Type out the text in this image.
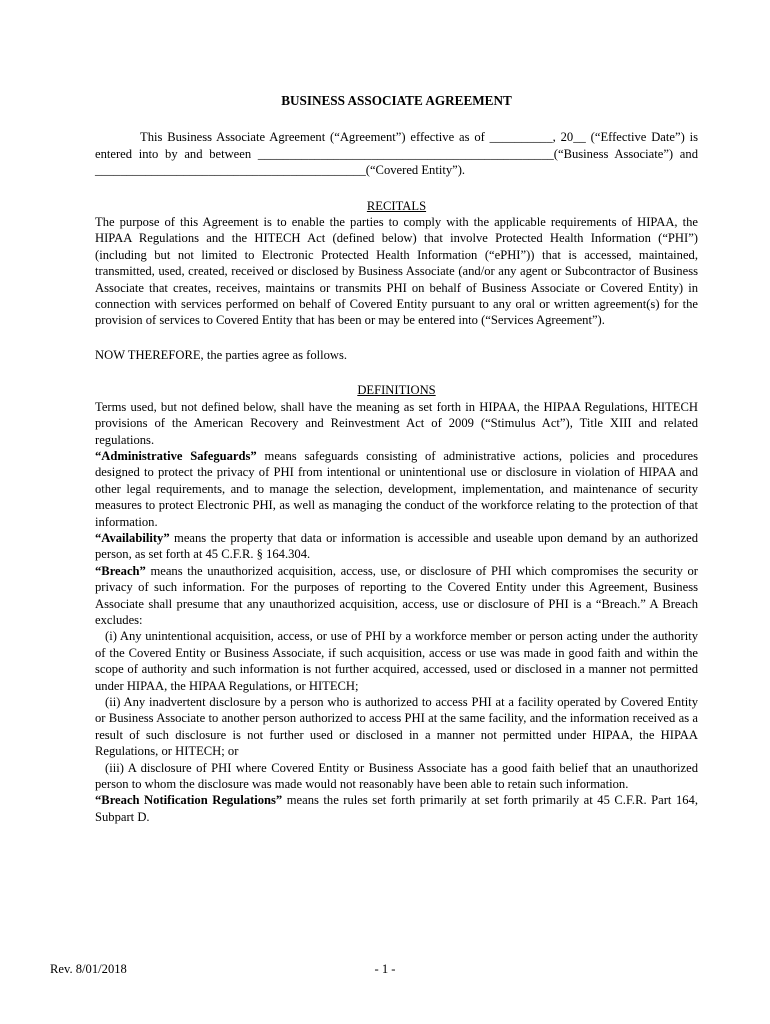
BUSINESS ASSOCIATE AGREEMENT

This Business Associate Agreement (“Agreement”) effective as of __________, 20__ (“Effective Date”) is entered into by and between _______________________________________________(“Business Associate”) and ___________________________________________(“Covered Entity”).

RECITALS

The purpose of this Agreement is to enable the parties to comply with the applicable requirements of HIPAA, the HIPAA Regulations and the HITECH Act (defined below) that involve Protected Health Information (“PHI”) (including but not limited to Electronic Protected Health Information (“ePHI”)) that is accessed, maintained, transmitted, used, created, received or disclosed by Business Associate (and/or any agent or Subcontractor of Business Associate that creates, receives, maintains or transmits PHI on behalf of Business Associate or Covered Entity) in connection with services performed on behalf of Covered Entity pursuant to any oral or written agreement(s) for the provision of services to Covered Entity that has been or may be entered into (“Services Agreement”).

NOW THEREFORE, the parties agree as follows.

DEFINITIONS

Terms used, but not defined below, shall have the meaning as set forth in HIPAA, the HIPAA Regulations, HITECH provisions of the American Recovery and Reinvestment Act of 2009 (“Stimulus Act”), Title XIII and related regulations.

“Administrative Safeguards” means safeguards consisting of administrative actions, policies and procedures designed to protect the privacy of PHI from intentional or unintentional use or disclosure in violation of HIPAA and other legal requirements, and to manage the selection, development, implementation, and maintenance of security measures to protect Electronic PHI, as well as managing the conduct of the workforce relating to the protection of that information.

“Availability” means the property that data or information is accessible and useable upon demand by an authorized person, as set forth at 45 C.F.R. § 164.304.

“Breach” means the unauthorized acquisition, access, use, or disclosure of PHI which compromises the security or privacy of such information. For the purposes of reporting to the Covered Entity under this Agreement, Business Associate shall presume that any unauthorized acquisition, access, use or disclosure of PHI is a “Breach.” A Breach excludes:

(i) Any unintentional acquisition, access, or use of PHI by a workforce member or person acting under the authority of the Covered Entity or Business Associate, if such acquisition, access or use was made in good faith and within the scope of authority and such information is not further acquired, accessed, used or disclosed in a manner not permitted under HIPAA, the HIPAA Regulations, or HITECH;

(ii) Any inadvertent disclosure by a person who is authorized to access PHI at a facility operated by Covered Entity or Business Associate to another person authorized to access PHI at the same facility, and the information received as a result of such disclosure is not further used or disclosed in a manner not permitted under HIPAA, the HIPAA Regulations, or HITECH; or

(iii) A disclosure of PHI where Covered Entity or Business Associate has a good faith belief that an unauthorized person to whom the disclosure was made would not reasonably have been able to retain such information.

“Breach Notification Regulations” means the rules set forth primarily at set forth primarily at 45 C.F.R. Part 164, Subpart D.

Rev. 8/01/2018	- 1 -
